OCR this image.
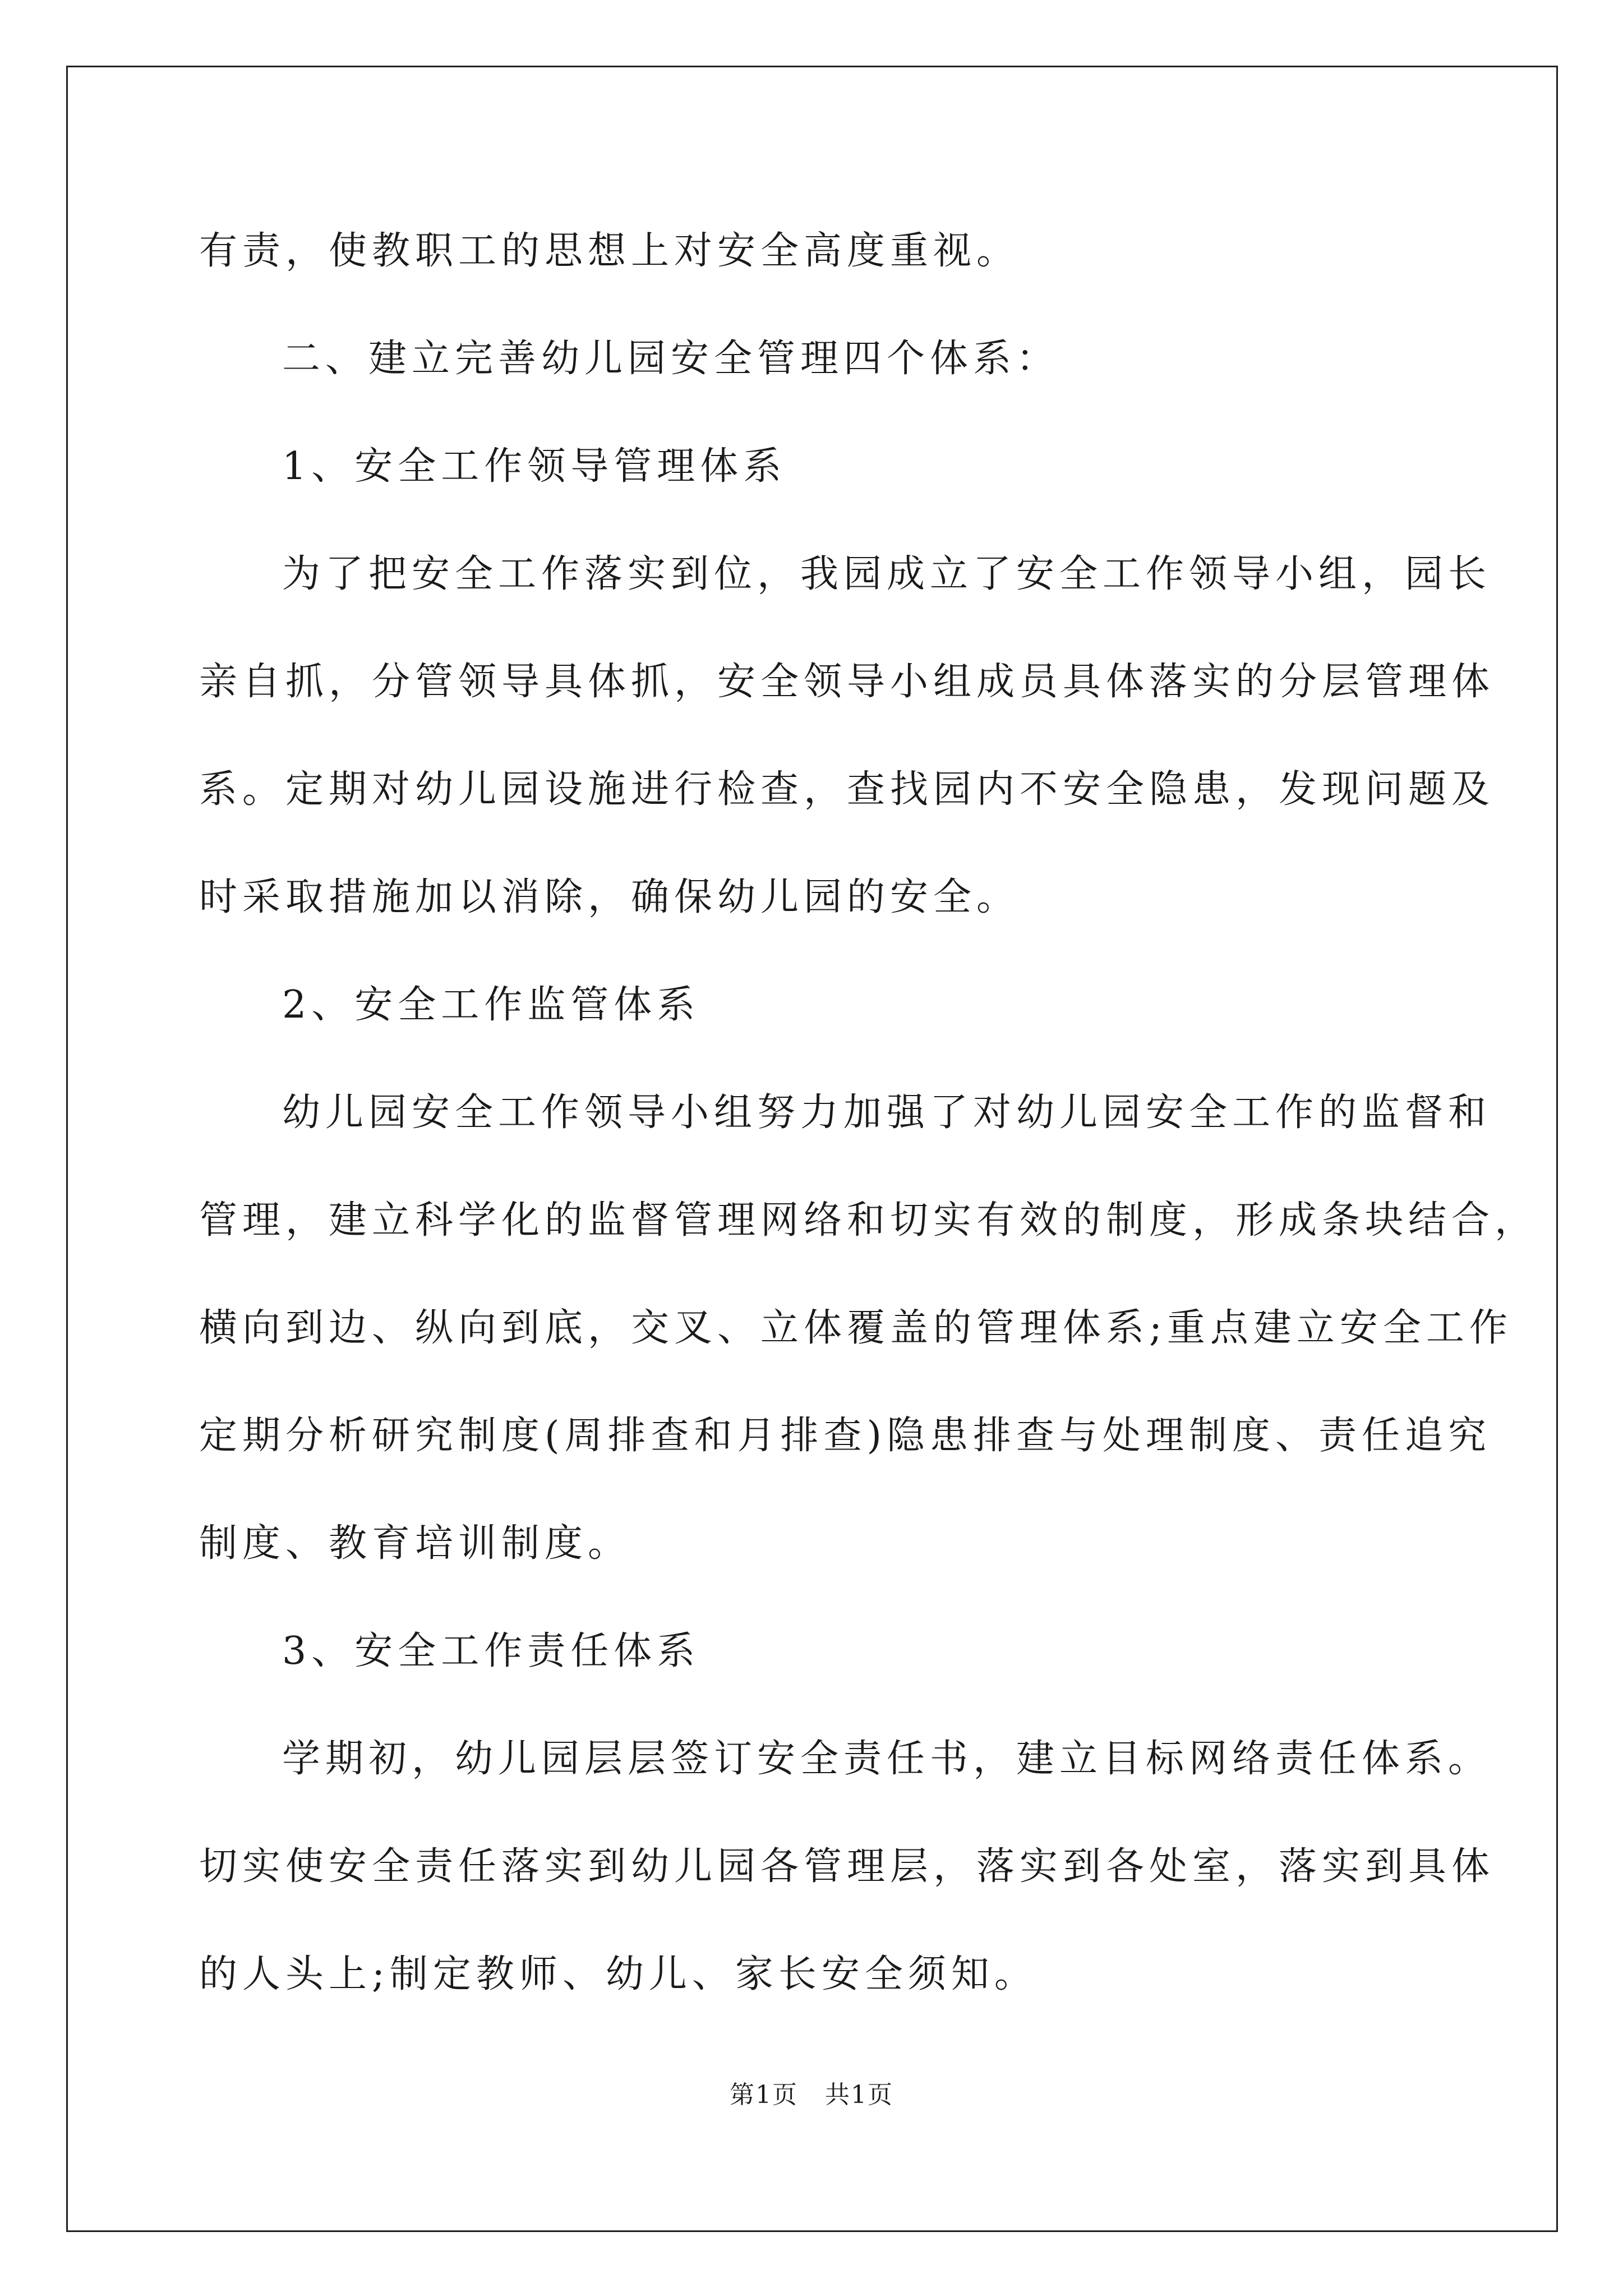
有责，使教职工的思想上对安全高度重视。
二、建立完善幼儿园安全管理四个体系：
1、安全工作领导管理体系
为了把安全工作落实到位，我园成立了安全工作领导小组，园长
亲自抓，分管领导具体抓，安全领导小组成员具体落实的分层管理体
系。定期对幼儿园设施进行检查，查找园内不安全隐患，发现问题及
时采取措施加以消除，确保幼儿园的安全。
2、安全工作监管体系
幼儿园安全工作领导小组努力加强了对幼儿园安全工作的监督和
管理，建立科学化的监督管理网络和切实有效的制度，形成条块结合，
横向到边、纵向到底，交叉、立体覆盖的管理体系;重点建立安全工作
定期分析研究制度(周排查和月排查)隐患排查与处理制度、责任追究
制度、教育培训制度。
3、安全工作责任体系
学期初，幼儿园层层签订安全责任书，建立目标网络责任体系。
切实使安全责任落实到幼儿园各管理层，落实到各处室，落实到具体
的人头上;制定教师、幼儿、家长安全须知。
第1页   共1页
